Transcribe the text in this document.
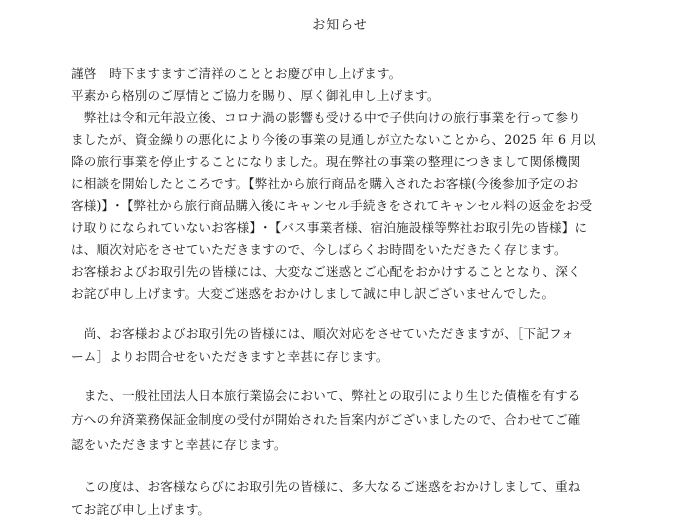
お知らせ
謹啓　時下ますますご清祥のこととお慶び申し上げます。
平素から格別のご厚情とご協力を賜り、厚く御礼申し上げます。
　弊社は令和元年設立後、コロナ渦の影響も受ける中で子供向けの旅行事業を行って参り
ましたが、資金繰りの悪化により今後の事業の見通しが立たないことから、2025 年 6 月以
降の旅行事業を停止することになりました。現在弊社の事業の整理につきまして関係機関
に相談を開始したところです。【弊社から旅行商品を購入されたお客様(今後参加予定のお
客様)】･【弊社から旅行商品購入後にキャンセル手続きをされてキャンセル料の返金をお受
け取りになられていないお客様】･【バス事業者様、宿泊施設様等弊社お取引先の皆様】に
は、順次対応をさせていただきますので、今しばらくお時間をいただきたく存じます。
お客様およびお取引先の皆様には、大変なご迷惑とご心配をおかけすることとなり、深く
お詫び申し上げます。大変ご迷惑をおかけしまして誠に申し訳ございませんでした。
　尚、お客様およびお取引先の皆様には、順次対応をさせていただきますが、［下記フォ
ーム］よりお問合せをいただきますと幸甚に存じます。
　また、一般社団法人日本旅行業協会において、弊社との取引により生じた債権を有する
方への弁済業務保証金制度の受付が開始された旨案内がございましたので、合わせてご確
認をいただきますと幸甚に存じます。
　この度は、お客様ならびにお取引先の皆様に、多大なるご迷惑をおかけしまして、重ね
てお詫び申し上げます。
